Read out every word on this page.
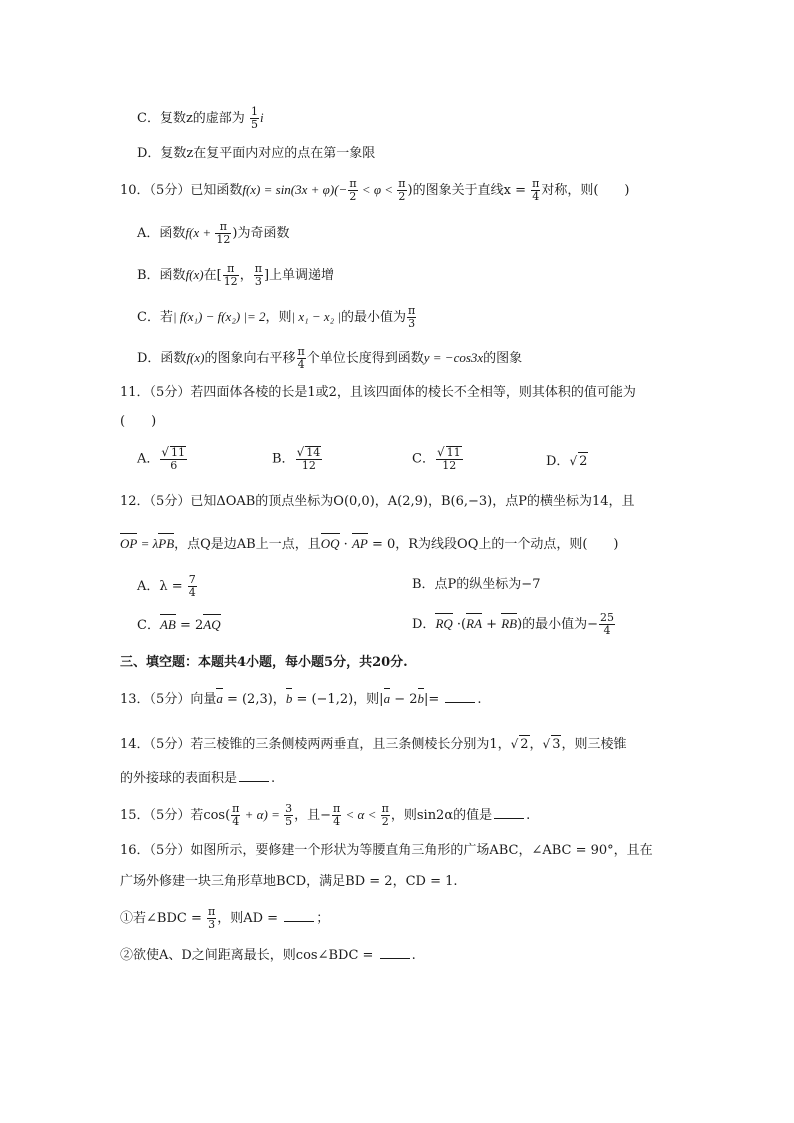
C．复数z的虚部为 $\frac{1}{5}$ i
D．复数z在复平面内对应的点在第一象限
10．（5分）已知函数$f(x) = \sin(3x + \varphi)(- \frac{\pi}{2} < \varphi < \frac{\pi}{2}$ )的图象关于直线$x = \frac{\pi}{4}$ 对称，则(　　)
A．函数$f(x + \frac{\pi}{12}$ )为奇函数
B．函数f(x)在[ $\frac{\pi}{12}$ ， $\frac{\pi}{3}$ ]上单调递增
C．若| f(x₁) − f(x₂) |= 2，则| x₁ − x₂ |的最小值为 $\frac{\pi}{3}$
D．函数f(x)的图象向右平移 $\frac{\pi}{4}$ 个单位长度得到函数y = −cos3x的图象
11．（5分）若四面体各棱的长是1或2，且该四面体的棱长不全相等，则其体积的值可能为
(　　)
A． $\frac{√ 11}{6}$	B． $\frac{√ 14}{12}$	C． $\frac{√ 11}{12}$	D．√ 2
12．（5分）已知ΔOAB的顶点坐标为O(0,0)，A(2,9)，B(6,−3)，点P的横坐标为14，且
OP = λPB，点Q是边AB上一点，且OQ · AP = 0，R为线段OQ上的一个动点，则(　　)
A．$\lambda = \frac{7}{4}$	B．点P的纵坐标为−7
C．AB = 2AQ	D．RQ ·(RA + RB)的最小值为− $\frac{25}{4}$
三、填空题：本题共4小题，每小题5分，共20分.
13．（5分）向量a = (2,3)，b = (−1,2)，则|a − 2b|=	.
14．（5分）若三棱锥的三条侧棱两两垂直，且三条侧棱长分别为1，√ 2，√ 3，则三棱锥
的外接球的表面积是	.
15．（5分）若$\cos( \frac{\pi}{4} + \alpha) = \frac{3}{5}$ ，且− $\frac{\pi}{4} < \alpha < \frac{\pi}{2}$ ，则sin2α的值是	.
16．（5分）如图所示，要修建一个形状为等腰直角三角形的广场ABC，∠ABC = 90°，且在
广场外修建一块三角形草地BCD，满足BD = 2，CD = 1.
①若∠BDC = $\frac{\pi}{3}$ ，则AD =	；
②欲使A、D之间距离最长，则cos∠BDC =	.
